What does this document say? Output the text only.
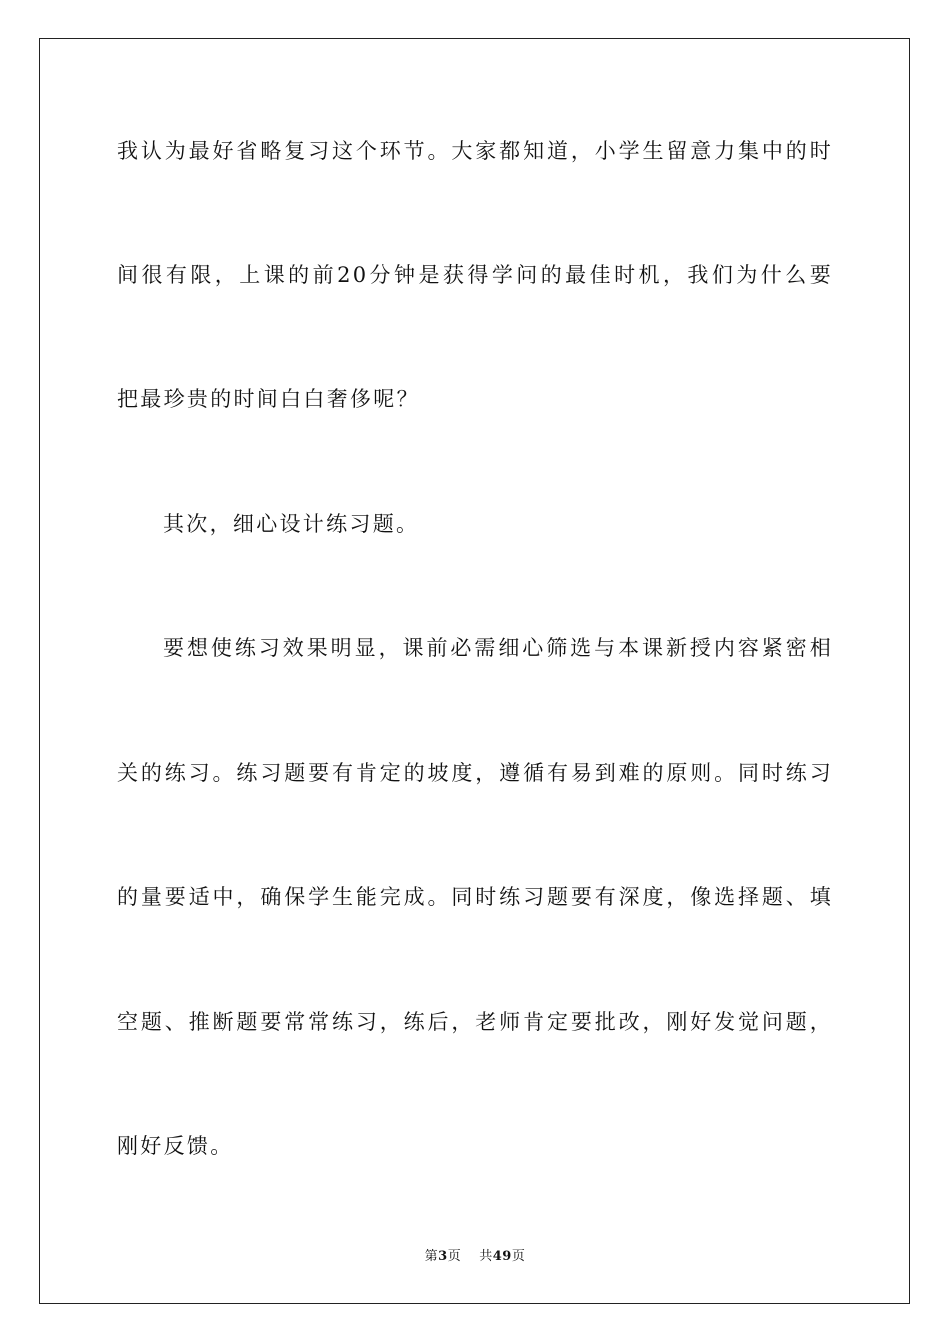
我认为最好省略复习这个环节。大家都知道，小学生留意力集中的时
间很有限，上课的前20分钟是获得学问的最佳时机，我们为什么要
把最珍贵的时间白白奢侈呢？
其次，细心设计练习题。
要想使练习效果明显，课前必需细心筛选与本课新授内容紧密相
关的练习。练习题要有肯定的坡度，遵循有易到难的原则。同时练习
的量要适中，确保学生能完成。同时练习题要有深度，像选择题、填
空题、推断题要常常练习，练后，老师肯定要批改，刚好发觉问题，
刚好反馈。
第3页 共49页
